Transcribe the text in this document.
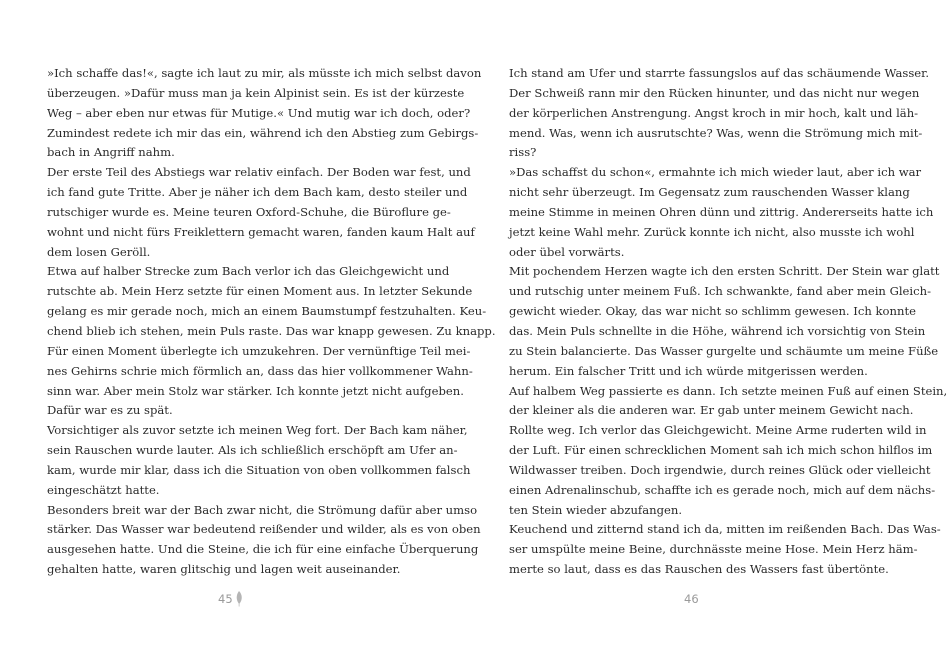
»Ich schaffe das!«, sagte ich laut zu mir, als müsste ich mich selbst davon
überzeugen. »Dafür muss man ja kein Alpinist sein. Es ist der kürzeste
Weg – aber eben nur etwas für Mutige.« Und mutig war ich doch, oder?
Zumindest redete ich mir das ein, während ich den Abstieg zum Gebirgs-
bach in Angriff nahm.
Der erste Teil des Abstiegs war relativ einfach. Der Boden war fest, und
ich fand gute Tritte. Aber je näher ich dem Bach kam, desto steiler und
rutschiger wurde es. Meine teuren Oxford-Schuhe, die Büroflure ge-
wohnt und nicht fürs Freiklettern gemacht waren, fanden kaum Halt auf
dem losen Geröll.
Etwa auf halber Strecke zum Bach verlor ich das Gleichgewicht und
rutschte ab. Mein Herz setzte für einen Moment aus. In letzter Sekunde
gelang es mir gerade noch, mich an einem Baumstumpf festzuhalten. Keu-
chend blieb ich stehen, mein Puls raste. Das war knapp gewesen. Zu knapp.
Für einen Moment überlegte ich umzukehren. Der vernünftige Teil mei-
nes Gehirns schrie mich förmlich an, dass das hier vollkommener Wahn-
sinn war. Aber mein Stolz war stärker. Ich konnte jetzt nicht aufgeben.
Dafür war es zu spät.
Vorsichtiger als zuvor setzte ich meinen Weg fort. Der Bach kam näher,
sein Rauschen wurde lauter. Als ich schließlich erschöpft am Ufer an-
kam, wurde mir klar, dass ich die Situation von oben vollkommen falsch
eingeschätzt hatte.
Besonders breit war der Bach zwar nicht, die Strömung dafür aber umso
stärker. Das Wasser war bedeutend reißender und wilder, als es von oben
ausgesehen hatte. Und die Steine, die ich für eine einfache Überquerung
gehalten hatte, waren glitschig und lagen weit auseinander.
Ich stand am Ufer und starrte fassungslos auf das schäumende Wasser.
Der Schweiß rann mir den Rücken hinunter, und das nicht nur wegen
der körperlichen Anstrengung. Angst kroch in mir hoch, kalt und läh-
mend. Was, wenn ich ausrutschte? Was, wenn die Strömung mich mit-
riss?
»Das schaffst du schon«, ermahnte ich mich wieder laut, aber ich war
nicht sehr überzeugt. Im Gegensatz zum rauschenden Wasser klang
meine Stimme in meinen Ohren dünn und zittrig. Andererseits hatte ich
jetzt keine Wahl mehr. Zurück konnte ich nicht, also musste ich wohl
oder übel vorwärts.
Mit pochendem Herzen wagte ich den ersten Schritt. Der Stein war glatt
und rutschig unter meinem Fuß. Ich schwankte, fand aber mein Gleich-
gewicht wieder. Okay, das war nicht so schlimm gewesen. Ich konnte
das. Mein Puls schnellte in die Höhe, während ich vorsichtig von Stein
zu Stein balancierte. Das Wasser gurgelte und schäumte um meine Füße
herum. Ein falscher Tritt und ich würde mitgerissen werden.
Auf halbem Weg passierte es dann. Ich setzte meinen Fuß auf einen Stein,
der kleiner als die anderen war. Er gab unter meinem Gewicht nach.
Rollte weg. Ich verlor das Gleichgewicht. Meine Arme ruderten wild in
der Luft. Für einen schrecklichen Moment sah ich mich schon hilflos im
Wildwasser treiben. Doch irgendwie, durch reines Glück oder vielleicht
einen Adrenalinschub, schaffte ich es gerade noch, mich auf dem nächs-
ten Stein wieder abzufangen.
Keuchend und zitternd stand ich da, mitten im reißenden Bach. Das Was-
ser umspülte meine Beine, durchnässte meine Hose. Mein Herz häm-
merte so laut, dass es das Rauschen des Wassers fast übertönte.
45	46
